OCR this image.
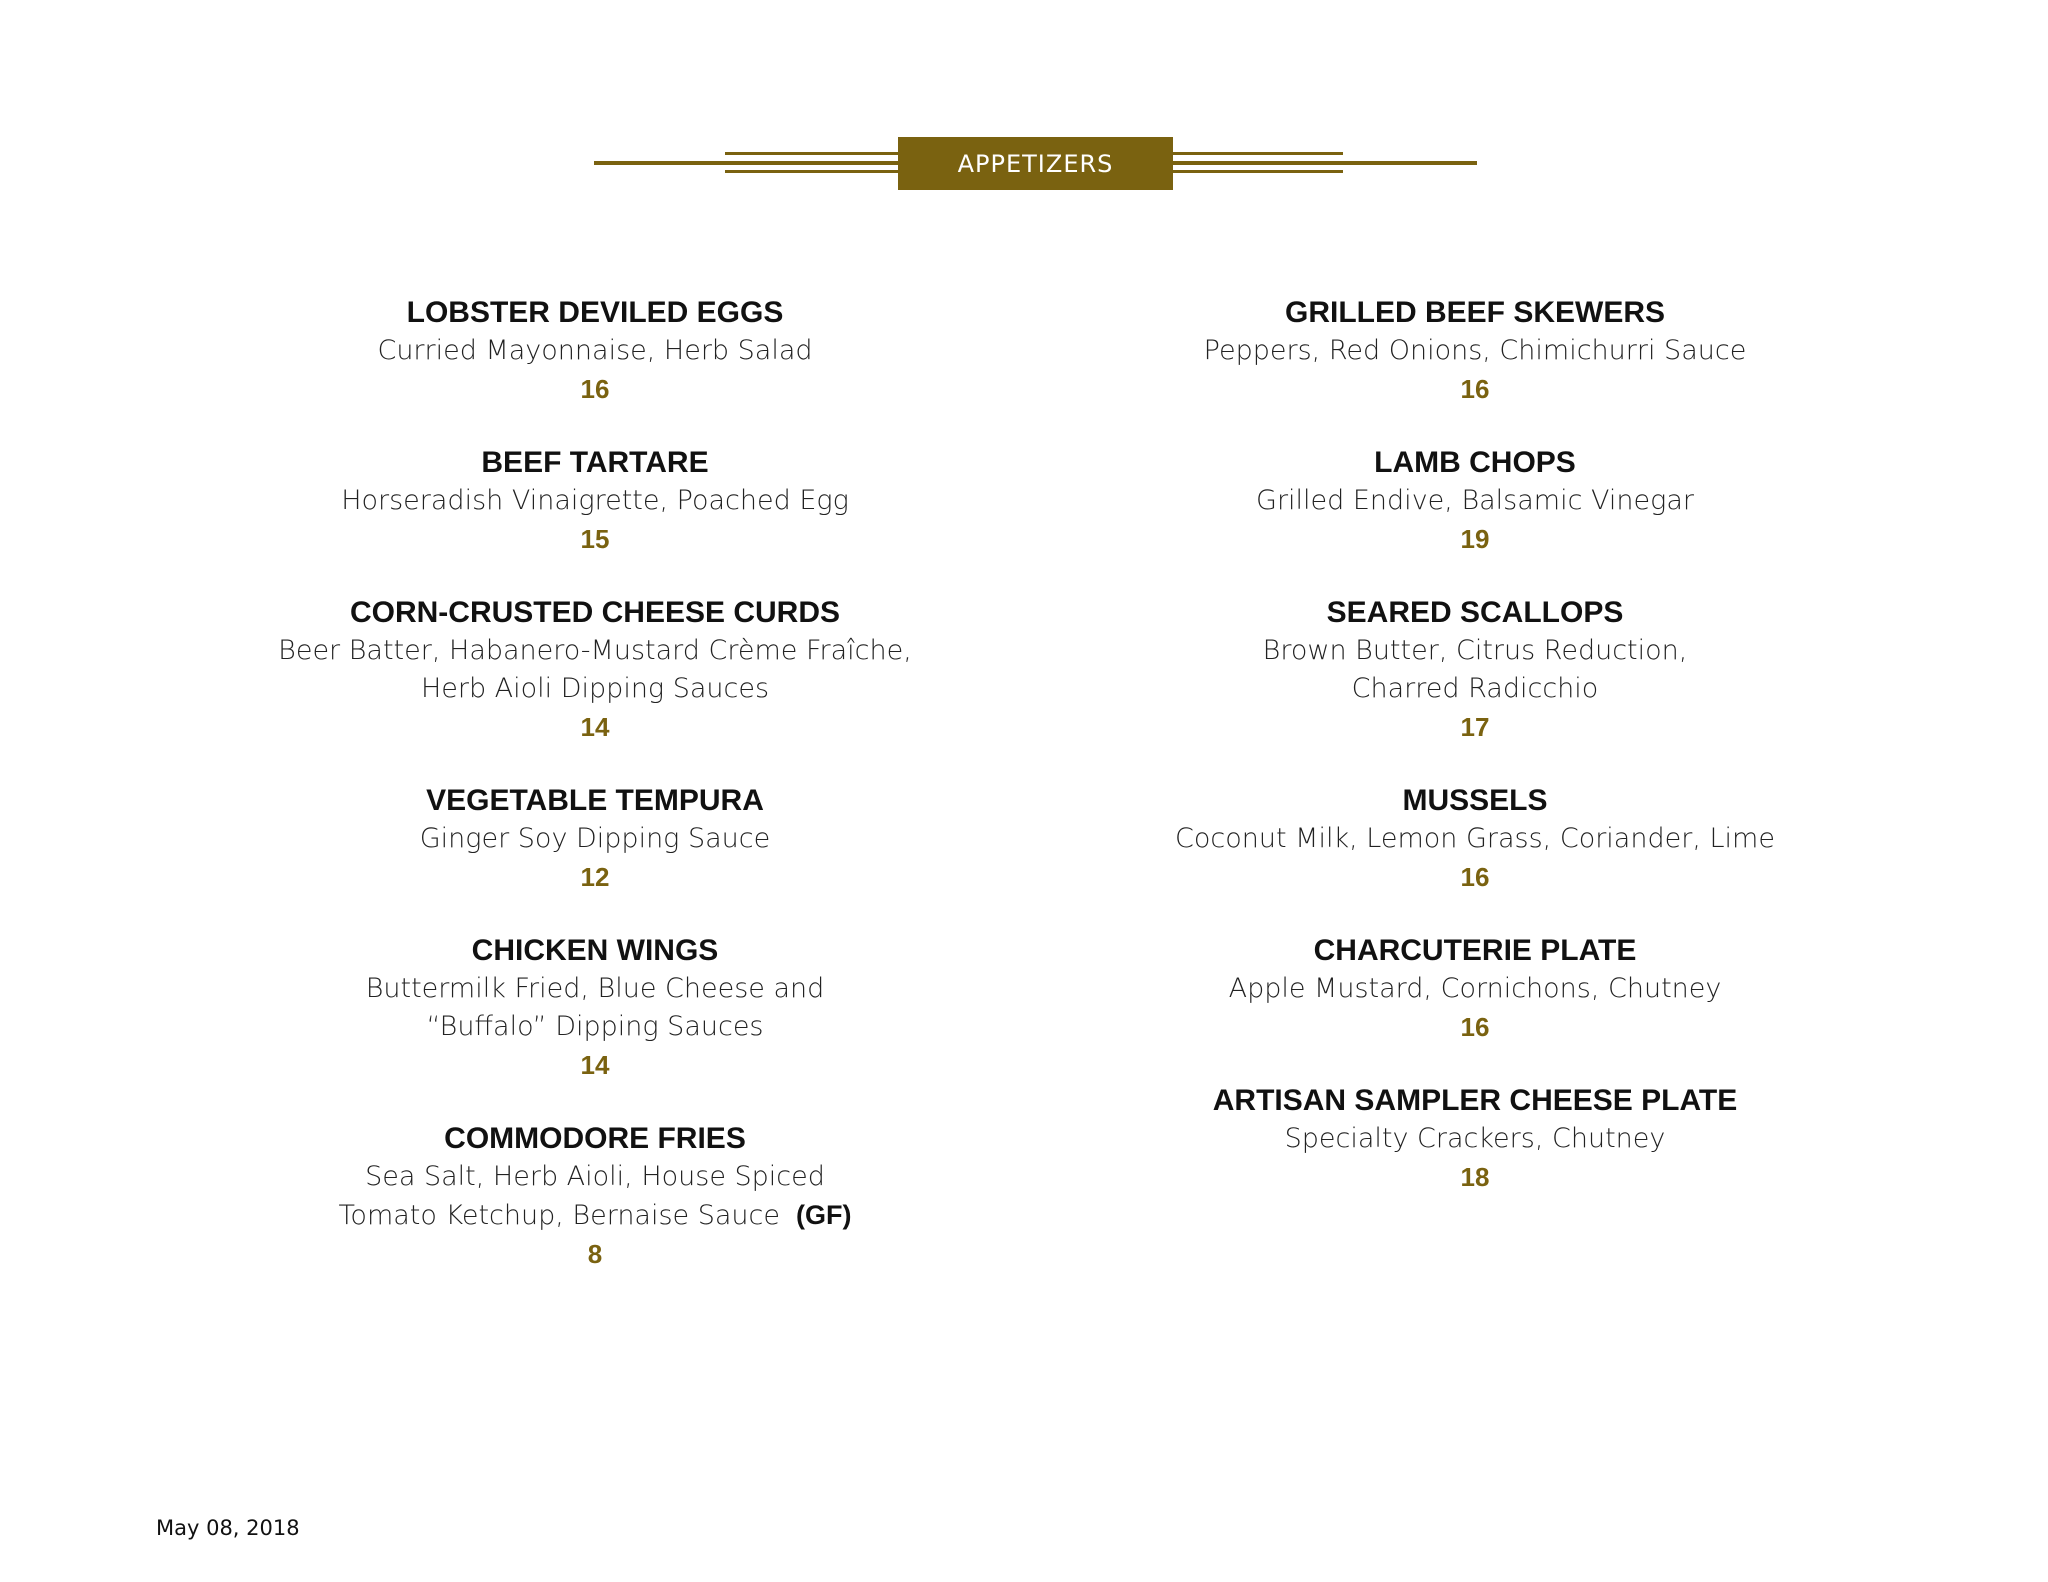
APPETIZERS
LOBSTER DEVILED EGGS
Curried Mayonnaise, Herb Salad
16
BEEF TARTARE
Horseradish Vinaigrette, Poached Egg
15
CORN-CRUSTED CHEESE CURDS
Beer Batter, Habanero-Mustard Crème Fraîche,
Herb Aioli Dipping Sauces
14
VEGETABLE TEMPURA
Ginger Soy Dipping Sauce
12
CHICKEN WINGS
Buttermilk Fried, Blue Cheese and
“Buffalo” Dipping Sauces
14
COMMODORE FRIES
Sea Salt, Herb Aioli, House Spiced
Tomato Ketchup, Bernaise Sauce (GF)
8
GRILLED BEEF SKEWERS
Peppers, Red Onions, Chimichurri Sauce
16
LAMB CHOPS
Grilled Endive, Balsamic Vinegar
19
SEARED SCALLOPS
Brown Butter, Citrus Reduction,
Charred Radicchio
17
MUSSELS
Coconut Milk, Lemon Grass, Coriander, Lime
16
CHARCUTERIE PLATE
Apple Mustard, Cornichons, Chutney
16
ARTISAN SAMPLER CHEESE PLATE
Specialty Crackers, Chutney
18
May 08, 2018
